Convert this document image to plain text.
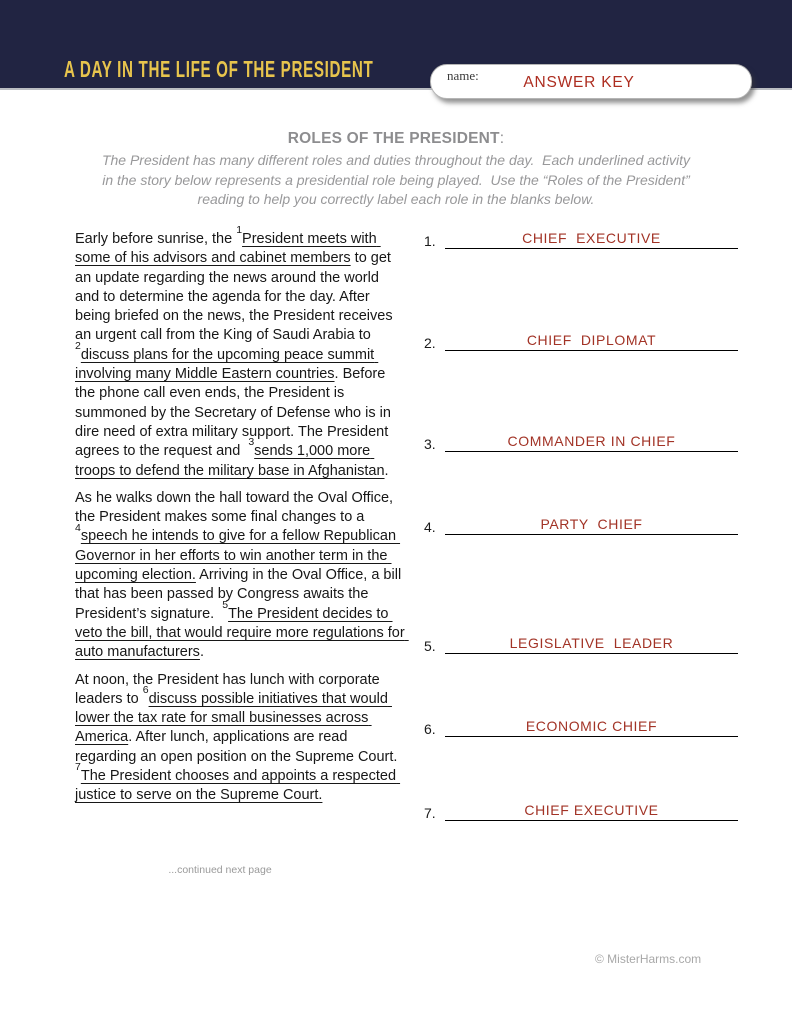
A DAY IN THE LIFE OF THE PRESIDENT	name:	ANSWER KEY
ROLES OF THE PRESIDENT:
The President has many different roles and duties throughout the day.  Each underlined activity
in the story below represents a presidential role being played.  Use the “Roles of the President”
reading to help you correctly label each role in the blanks below.

Early before sunrise, the $^1$President meets with some of his advisors and cabinet members to get an update regarding the news around the world and to determine the agenda for the day. After being briefed on the news, the President receives an urgent call from the King of Saudi Arabia to $^2$discuss plans for the upcoming peace summit involving many Middle Eastern countries. Before the phone call even ends, the President is summoned by the Secretary of Defense who is in dire need of extra military support. The President agrees to the request and  $^3$sends 1,000 more troops to defend the military base in Afghanistan.

As he walks down the hall toward the Oval Office, the President makes some final changes to a $^4$speech he intends to give for a fellow Republican Governor in her efforts to win another term in the upcoming election. Arriving in the Oval Office, a bill that has been passed by Congress awaits the President’s signature.  $^5$The President decides to veto the bill, that would require more regulations for auto manufacturers.

At noon, the President has lunch with corporate leaders to $^6$discuss possible initiatives that would lower the tax rate for small businesses across America. After lunch, applications are read regarding an open position on the Supreme Court.  $^7$The President chooses and appoints a respected justice to serve on the Supreme Court.

...continued next page
1.	CHIEF  EXECUTIVE
2.	CHIEF  DIPLOMAT
3.	COMMANDER IN CHIEF
4.	PARTY  CHIEF
5.	LEGISLATIVE  LEADER
6.	ECONOMIC CHIEF
7.	CHIEF EXECUTIVE
© MisterHarms.com
